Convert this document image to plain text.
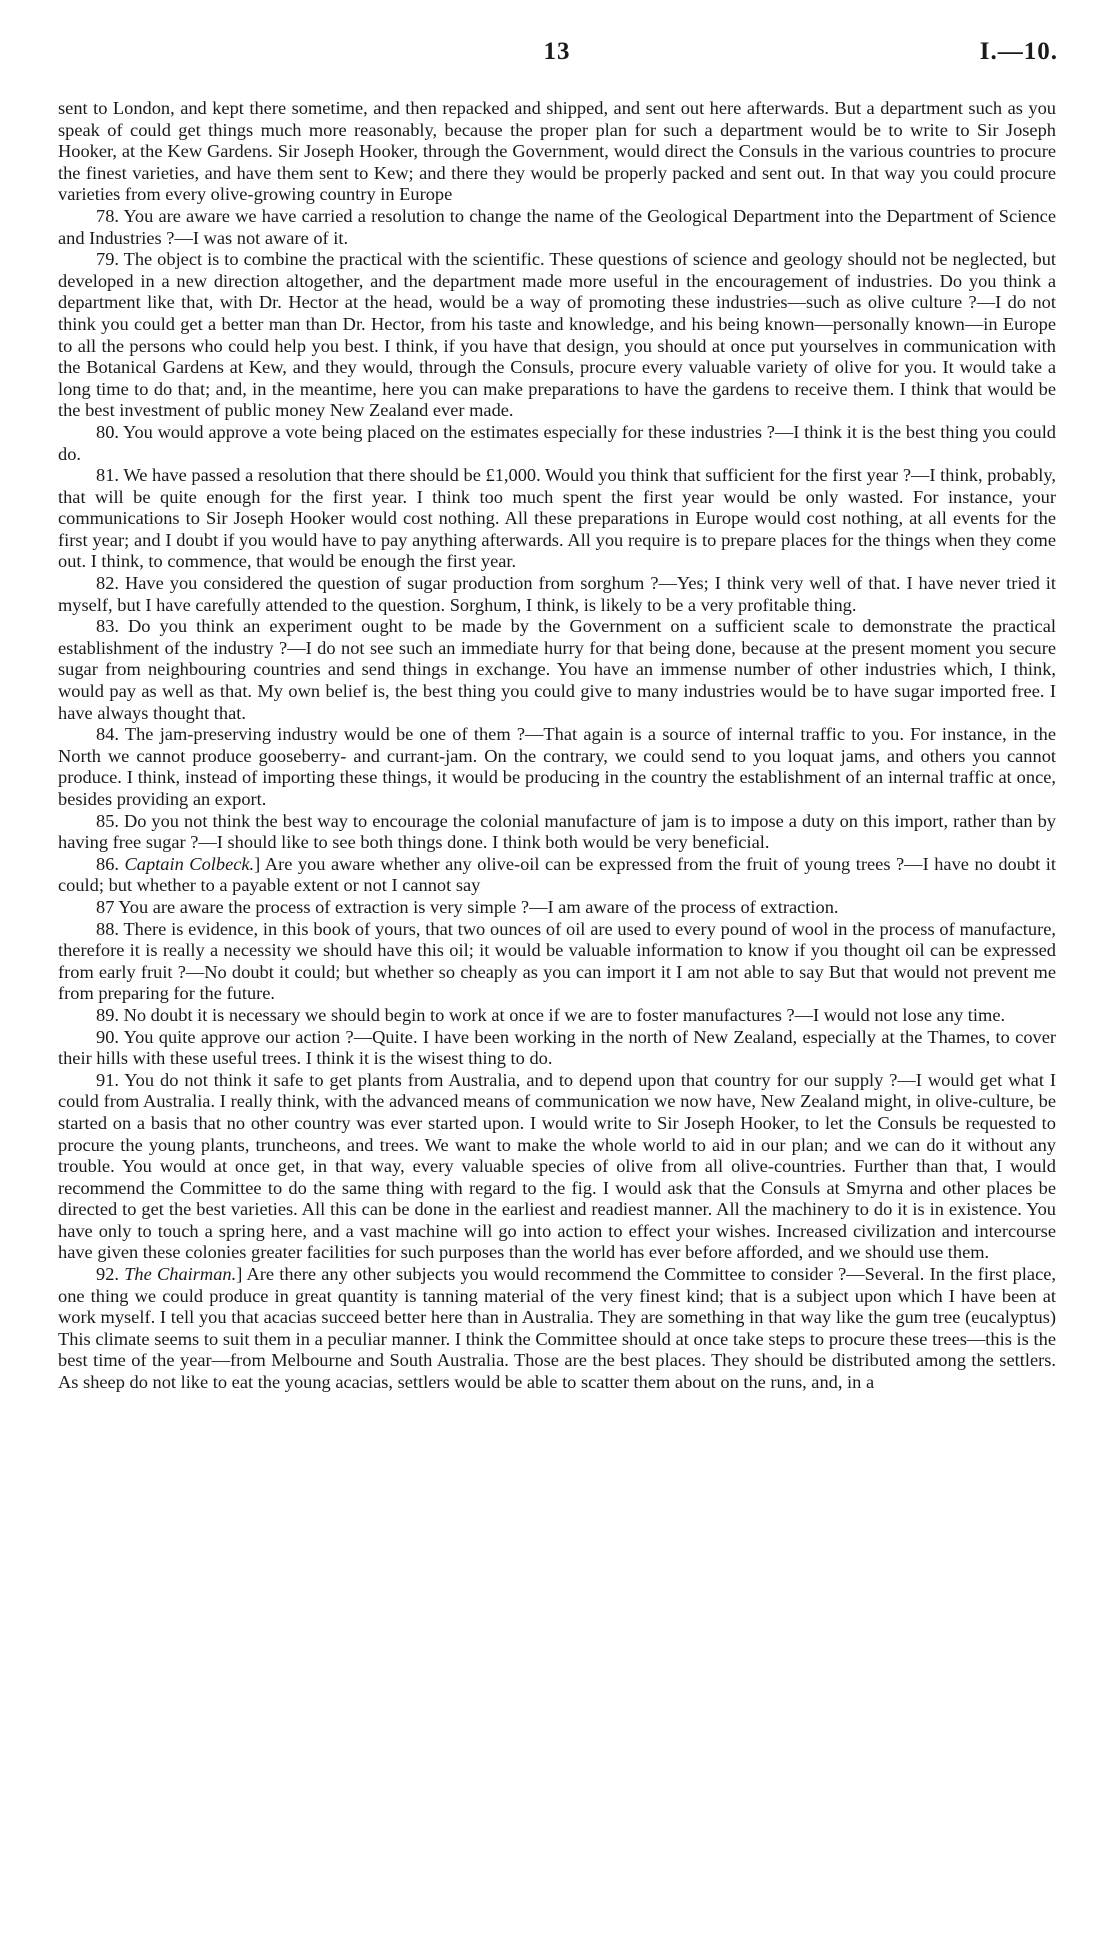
13	I.—10.

sent to London, and kept there sometime, and then repacked and shipped, and sent out here afterwards. But a department such as you speak of could get things much more reasonably, because the proper plan for such a department would be to write to Sir Joseph Hooker, at the Kew Gardens. Sir Joseph Hooker, through the Government, would direct the Consuls in the various countries to procure the finest varieties, and have them sent to Kew; and there they would be properly packed and sent out. In that way you could procure varieties from every olive-growing country in Europe

78. You are aware we have carried a resolution to change the name of the Geological Department into the Department of Science and Industries ?—I was not aware of it.

79. The object is to combine the practical with the scientific. These questions of science and geology should not be neglected, but developed in a new direction altogether, and the department made more useful in the encouragement of industries. Do you think a department like that, with Dr. Hector at the head, would be a way of promoting these industries—such as olive culture ?—I do not think you could get a better man than Dr. Hector, from his taste and knowledge, and his being known—personally known—in Europe to all the persons who could help you best. I think, if you have that design, you should at once put yourselves in communication with the Botanical Gardens at Kew, and they would, through the Consuls, procure every valuable variety of olive for you. It would take a long time to do that; and, in the meantime, here you can make preparations to have the gardens to receive them. I think that would be the best investment of public money New Zealand ever made.

80. You would approve a vote being placed on the estimates especially for these industries ?—I think it is the best thing you could do.

81. We have passed a resolution that there should be £1,000. Would you think that sufficient for the first year ?—I think, probably, that will be quite enough for the first year. I think too much spent the first year would be only wasted. For instance, your communications to Sir Joseph Hooker would cost nothing. All these preparations in Europe would cost nothing, at all events for the first year; and I doubt if you would have to pay anything afterwards. All you require is to prepare places for the things when they come out. I think, to commence, that would be enough the first year.

82. Have you considered the question of sugar production from sorghum ?—Yes; I think very well of that. I have never tried it myself, but I have carefully attended to the question. Sorghum, I think, is likely to be a very profitable thing.

83. Do you think an experiment ought to be made by the Government on a sufficient scale to demonstrate the practical establishment of the industry ?—I do not see such an immediate hurry for that being done, because at the present moment you secure sugar from neighbouring countries and send things in exchange. You have an immense number of other industries which, I think, would pay as well as that. My own belief is, the best thing you could give to many industries would be to have sugar imported free. I have always thought that.

84. The jam-preserving industry would be one of them ?—That again is a source of internal traffic to you. For instance, in the North we cannot produce gooseberry- and currant-jam. On the contrary, we could send to you loquat jams, and others you cannot produce. I think, instead of importing these things, it would be producing in the country the establishment of an internal traffic at once, besides providing an export.

85. Do you not think the best way to encourage the colonial manufacture of jam is to impose a duty on this import, rather than by having free sugar ?—I should like to see both things done. I think both would be very beneficial.

86. Captain Colbeck.] Are you aware whether any olive-oil can be expressed from the fruit of young trees ?—I have no doubt it could; but whether to a payable extent or not I cannot say

87 You are aware the process of extraction is very simple ?—I am aware of the process of extraction.

88. There is evidence, in this book of yours, that two ounces of oil are used to every pound of wool in the process of manufacture, therefore it is really a necessity we should have this oil; it would be valuable information to know if you thought oil can be expressed from early fruit ?—No doubt it could; but whether so cheaply as you can import it I am not able to say But that would not prevent me from preparing for the future.

89. No doubt it is necessary we should begin to work at once if we are to foster manufactures ?—I would not lose any time.

90. You quite approve our action ?—Quite. I have been working in the north of New Zealand, especially at the Thames, to cover their hills with these useful trees. I think it is the wisest thing to do.

91. You do not think it safe to get plants from Australia, and to depend upon that country for our supply ?—I would get what I could from Australia. I really think, with the advanced means of communication we now have, New Zealand might, in olive-culture, be started on a basis that no other country was ever started upon. I would write to Sir Joseph Hooker, to let the Consuls be requested to procure the young plants, truncheons, and trees. We want to make the whole world to aid in our plan; and we can do it without any trouble. You would at once get, in that way, every valuable species of olive from all olive-countries. Further than that, I would recommend the Committee to do the same thing with regard to the fig. I would ask that the Consuls at Smyrna and other places be directed to get the best varieties. All this can be done in the earliest and readiest manner. All the machinery to do it is in existence. You have only to touch a spring here, and a vast machine will go into action to effect your wishes. Increased civilization and intercourse have given these colonies greater facilities for such purposes than the world has ever before afforded, and we should use them.

92. The Chairman.] Are there any other subjects you would recommend the Committee to consider ?—Several. In the first place, one thing we could produce in great quantity is tanning material of the very finest kind; that is a subject upon which I have been at work myself. I tell you that acacias succeed better here than in Australia. They are something in that way like the gum tree (eucalyptus) This climate seems to suit them in a peculiar manner. I think the Committee should at once take steps to procure these trees—this is the best time of the year—from Melbourne and South Australia. Those are the best places. They should be distributed among the settlers. As sheep do not like to eat the young acacias, settlers would be able to scatter them about on the runs, and, in a
